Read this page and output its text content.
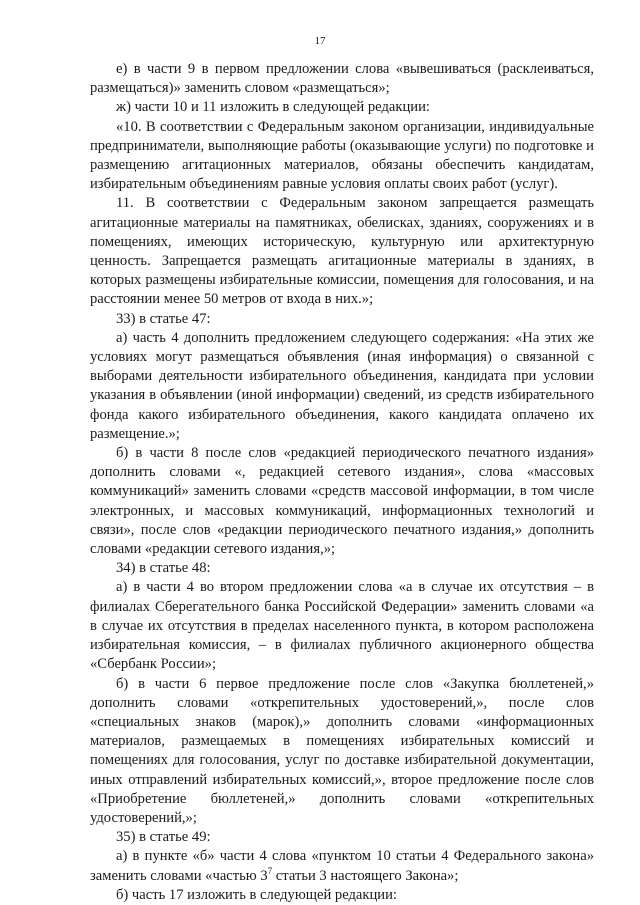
17

е) в части 9 в первом предложении слова «вывешиваться (расклеиваться, размещаться)» заменить словом «размещаться»;

ж) части 10 и 11 изложить в следующей редакции:

«10. В соответствии с Федеральным законом организации, индивидуальные предприниматели, выполняющие работы (оказывающие услуги) по подготовке и размещению агитационных материалов, обязаны обеспечить кандидатам, избирательным объединениям равные условия оплаты своих работ (услуг).

11. В соответствии с Федеральным законом запрещается размещать агитационные материалы на памятниках, обелисках, зданиях, сооружениях и в помещениях, имеющих историческую, культурную или архитектурную ценность. Запрещается размещать агитационные материалы в зданиях, в которых размещены избирательные комиссии, помещения для голосования, и на расстоянии менее 50 метров от входа в них.»;

33) в статье 47:

а) часть 4 дополнить предложением следующего содержания: «На этих же условиях могут размещаться объявления (иная информация) о связанной с выборами деятельности избирательного объединения, кандидата при условии указания в объявлении (иной информации) сведений, из средств избирательного фонда какого избирательного объединения, какого кандидата оплачено их размещение.»;

б) в части 8 после слов «редакцией периодического печатного издания» дополнить словами «, редакцией сетевого издания», слова «массовых коммуникаций» заменить словами «средств массовой информации, в том числе электронных, и массовых коммуникаций, информационных технологий и связи», после слов «редакции периодического печатного издания,» дополнить словами «редакции сетевого издания,»;

34) в статье 48:

а) в части 4 во втором предложении слова «а в случае их отсутствия – в филиалах Сберегательного банка Российской Федерации» заменить словами «а в случае их отсутствия в пределах населенного пункта, в котором расположена избирательная комиссия, – в филиалах публичного акционерного общества «Сбербанк России»;

б) в части 6 первое предложение после слов «Закупка бюллетеней,» дополнить словами «открепительных удостоверений,», после слов «специальных знаков (марок),» дополнить словами «информационных материалов, размещаемых в помещениях избирательных комиссий и помещениях для голосования, услуг по доставке избирательной документации, иных отправлений избирательных комиссий,», второе предложение после слов «Приобретение бюллетеней,» дополнить словами «открепительных удостоверений,»;

35) в статье 49:

а) в пункте «б» части 4 слова «пунктом 10 статьи 4 Федерального закона» заменить словами «частью $3^7$ статьи 3 настоящего Закона»;

б) часть 17 изложить в следующей редакции:
